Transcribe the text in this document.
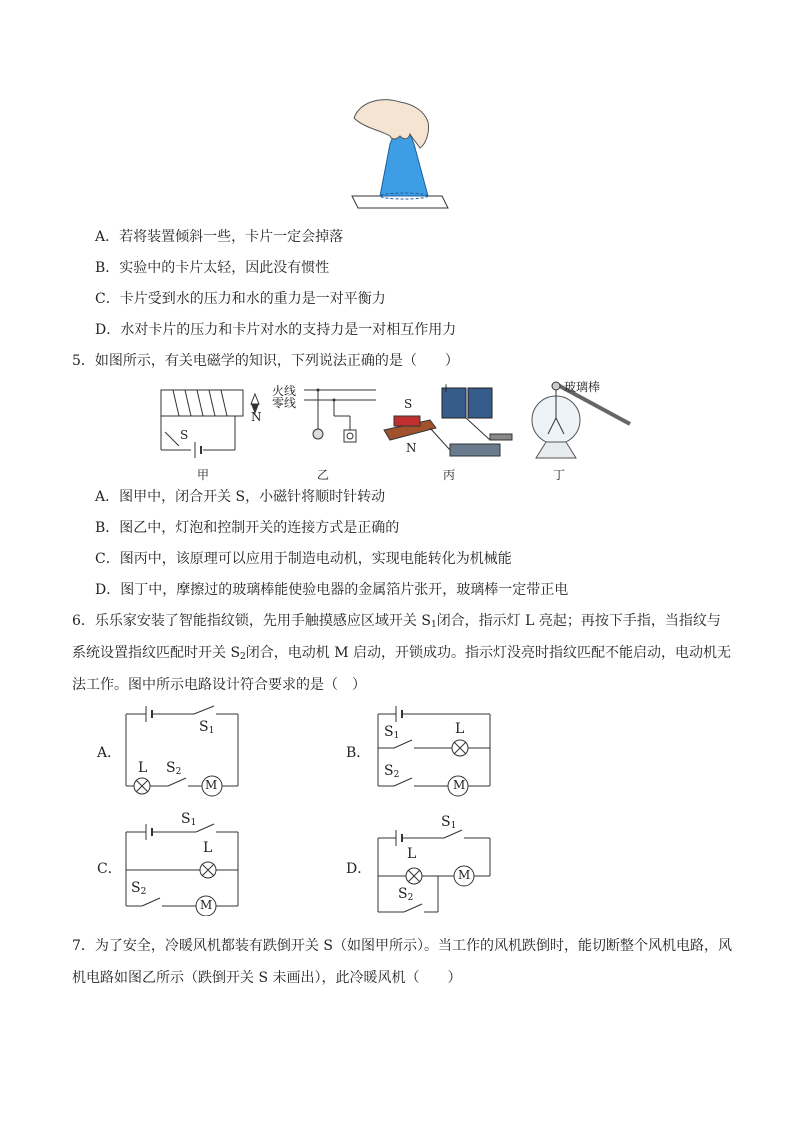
A．若将装置倾斜一些，卡片一定会掉落
B．实验中的卡片太轻，因此没有惯性
C．卡片受到水的压力和水的重力是一对平衡力
D．水对卡片的压力和卡片对水的支持力是一对相互作用力
5．如图所示，有关电磁学的知识，下列说法正确的是（　　）
S
N
甲
火线
零线
乙
+ −
S
N
丙
玻璃棒
丁
A．图甲中，闭合开关 S，小磁针将顺时针转动
B．图乙中，灯泡和控制开关的连接方式是正确的
C．图丙中，该原理可以应用于制造电动机，实现电能转化为机械能
D．图丁中，摩擦过的玻璃棒能使验电器的金属箔片张开，玻璃棒一定带正电
6．乐乐家安装了智能指纹锁，先用手触摸感应区域开关 $S_1$闭合，指示灯 L 亮起；再按下手指，当指纹与
系统设置指纹匹配时开关 $S_2$闭合，电动机 M 启动，开锁成功。指示灯没亮时指纹匹配不能启动，电动机无
法工作。图中所示电路设计符合要求的是（　）
A．	B．
C．	D．
$S_1$
L $S_2$
M
$S_1$	L
$S_2$
M
$S_1$
L
$S_2$
M
$S_1$
L
$S_2$
M
7．为了安全，冷暖风机都装有跌倒开关 S（如图甲所示）。当工作的风机跌倒时，能切断整个风机电路，风
机电路如图乙所示（跌倒开关 S 未画出），此冷暖风机（　　）
